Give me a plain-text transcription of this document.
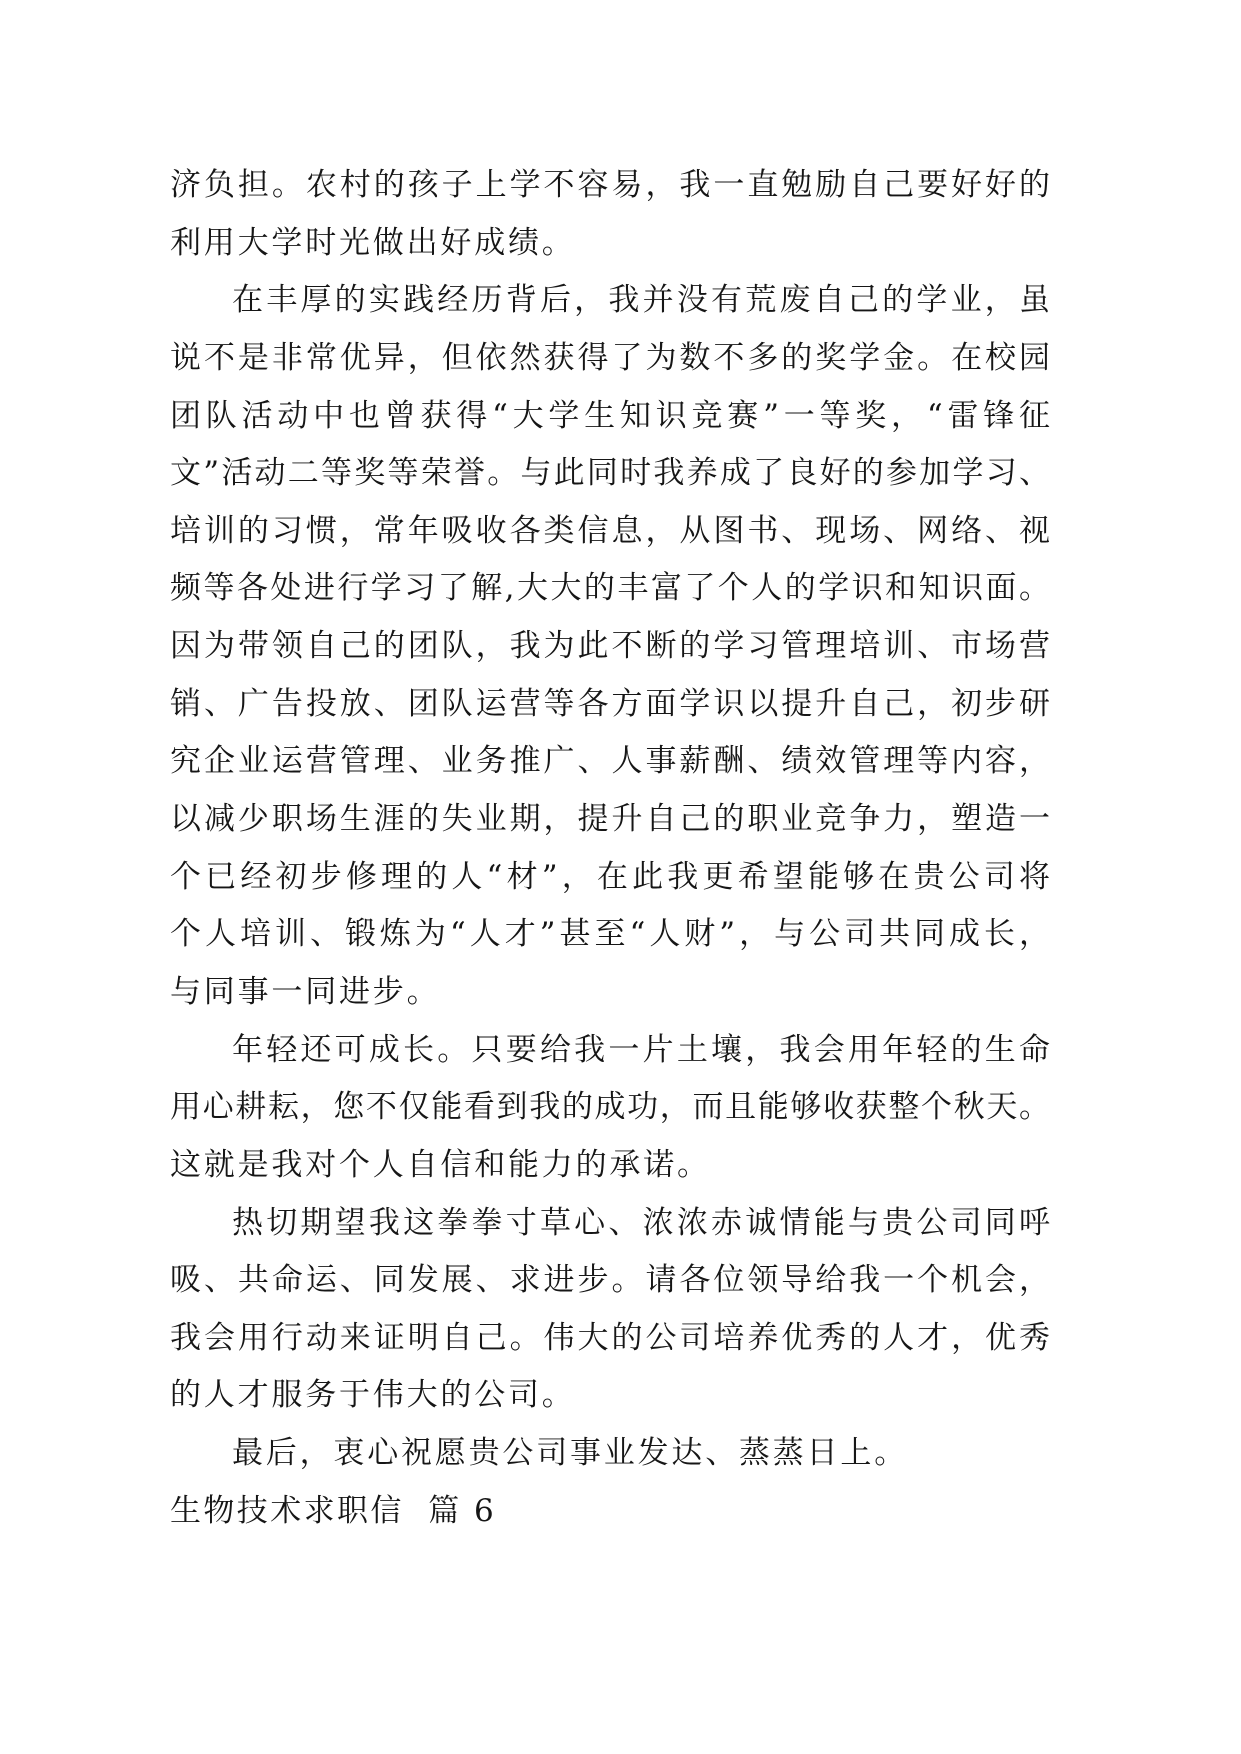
济负担。农村的孩子上学不容易，我一直勉励自己要好好的
利用大学时光做出好成绩。
在丰厚的实践经历背后，我并没有荒废自己的学业，虽
说不是非常优异，但依然获得了为数不多的奖学金。在校园
团队活动中也曾获得“大学生知识竞赛”一等奖，“雷锋征
文”活动二等奖等荣誉。与此同时我养成了良好的参加学习、
培训的习惯，常年吸收各类信息，从图书、现场、网络、视
频等各处进行学习了解,大大的丰富了个人的学识和知识面。
因为带领自己的团队，我为此不断的学习管理培训、市场营
销、广告投放、团队运营等各方面学识以提升自己，初步研
究企业运营管理、业务推广、人事薪酬、绩效管理等内容，
以减少职场生涯的失业期，提升自己的职业竞争力，塑造一
个已经初步修理的人“材”，在此我更希望能够在贵公司将
个人培训、锻炼为“人才”甚至“人财”，与公司共同成长，
与同事一同进步。
年轻还可成长。只要给我一片土壤，我会用年轻的生命
用心耕耘，您不仅能看到我的成功，而且能够收获整个秋天。
这就是我对个人自信和能力的承诺。
热切期望我这拳拳寸草心、浓浓赤诚情能与贵公司同呼
吸、共命运、同发展、求进步。请各位领导给我一个机会，
我会用行动来证明自己。伟大的公司培养优秀的人才，优秀
的人才服务于伟大的公司。
最后，衷心祝愿贵公司事业发达、蒸蒸日上。
生物技术求职信  篇 6
